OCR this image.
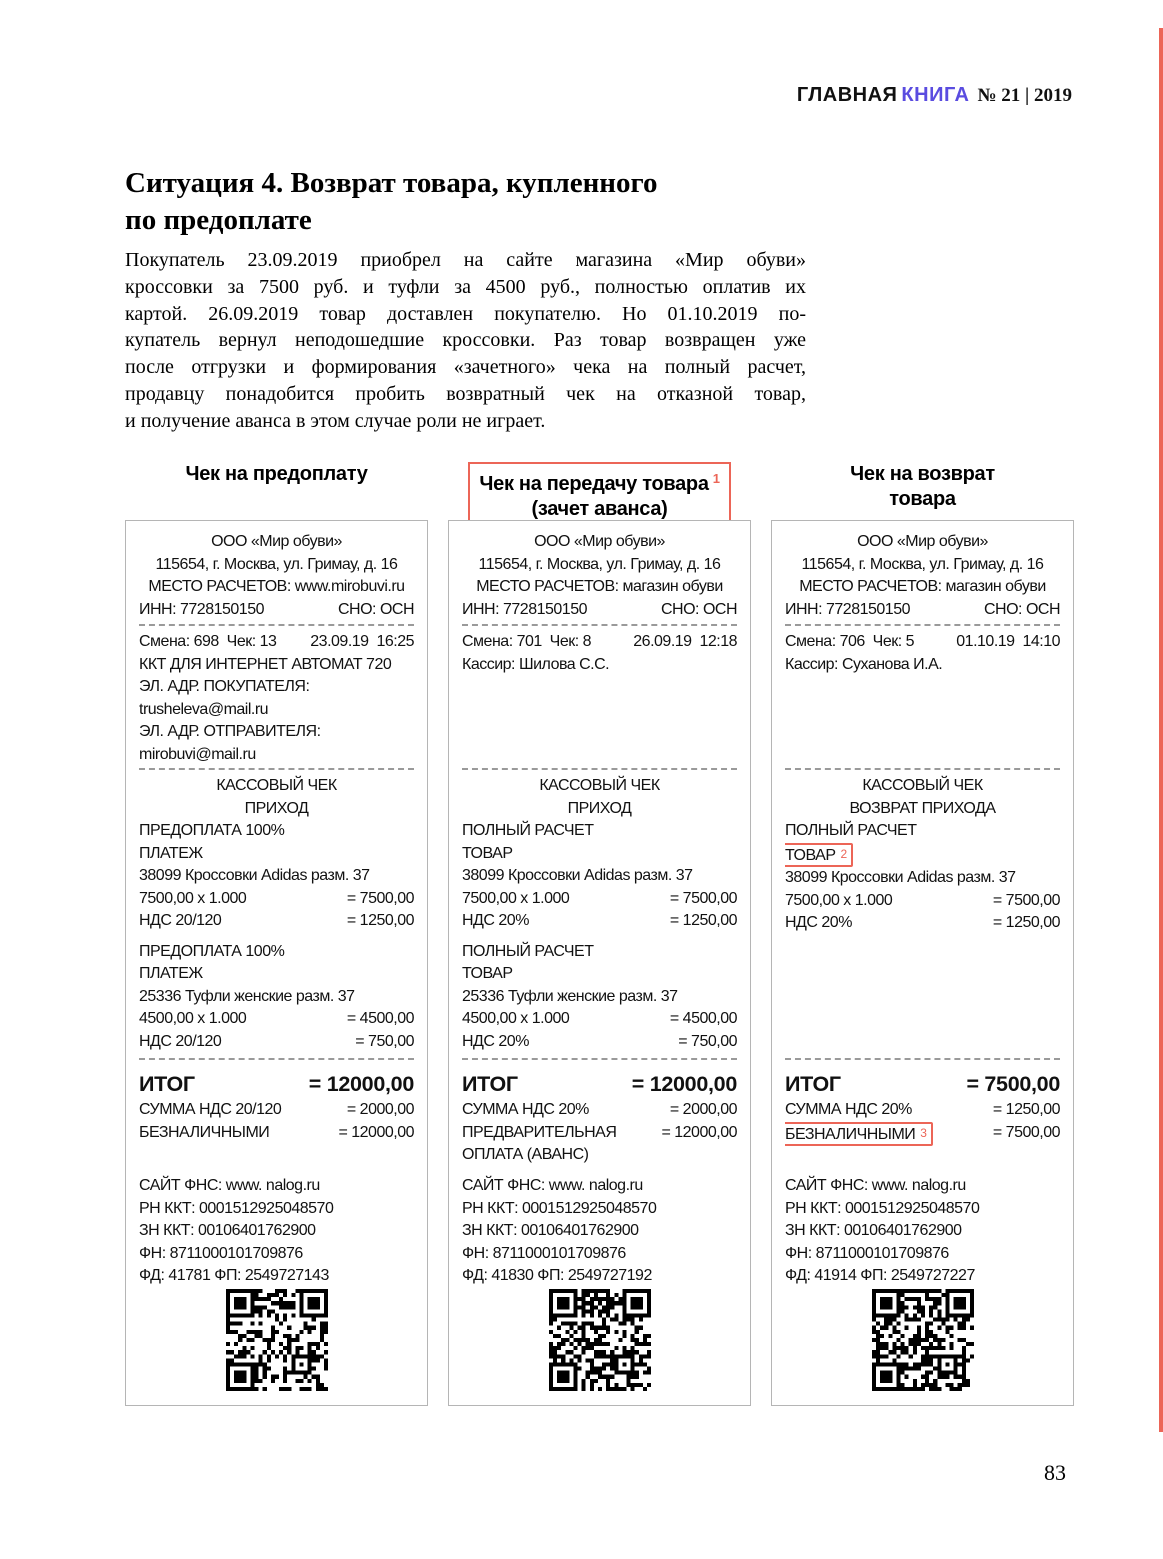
ГЛАВНАЯ КНИГА № 21 | 2019
Ситуация 4. Возврат товара, купленного
по предоплате
Покупатель 23.09.2019 приобрел на сайте магазина «Мир обуви»
кроссовки за 7500 руб. и туфли за 4500 руб., полностью оплатив их
картой. 26.09.2019 товар доставлен покупателю. Но 01.10.2019 по-
купатель вернул неподошедшие кроссовки. Раз товар возвращен уже
после отгрузки и формирования «зачетного» чека на полный расчет,
продавцу понадобится пробить возвратный чек на отказной товар,
и получение аванса в этом случае роли не играет.
Чек на предоплату	Чек на передачу товара $^1$
(зачет аванса)
Чек на возврат
товара
ООО «Мир обуви»
115654, г. Москва, ул. Гримау, д. 16
МЕСТО РАСЧЕТОВ: www.mirobuvi.ru
ИНН: 7728150150	СНО: ОСН
Смена: 698  Чек: 13 23.09.19  16:25
ККТ ДЛЯ ИНТЕРНЕТ АВТОМАТ 720
ЭЛ. АДР. ПОКУПАТЕЛЯ:
trusheleva@mail.ru
ЭЛ. АДР. ОТПРАВИТЕЛЯ:
mirobuvi@mail.ru
КАССОВЫЙ ЧЕК
ПРИХОД
ПРЕДОПЛАТА 100%
ПЛАТЕЖ
38099 Кроссовки Adidas разм. 37
7500,00 x 1.000	= 7500,00
НДС 20/120	= 1250,00
ПРЕДОПЛАТА 100%
ПЛАТЕЖ
25336 Туфли женские разм. 37
4500,00 x 1.000	= 4500,00
НДС 20/120	= 750,00
ИТОГ	= 12000,00
СУММА НДС 20/120	= 2000,00
БЕЗНАЛИЧНЫМИ	= 12000,00
САЙТ ФНС: www. nalog.ru
РН ККТ: 0001512925048570
ЗН ККТ: 00106401762900
ФН: 8711000101709876
ФД: 41781 ФП: 2549727143
ООО «Мир обуви»
115654, г. Москва, ул. Гримау, д. 16
МЕСТО РАСЧЕТОВ: магазин обуви
ИНН: 7728150150	СНО: ОСН
Смена: 701  Чек: 8	26.09.19  12:18
Кассир: Шилова С.С.
КАССОВЫЙ ЧЕК
ПРИХОД
ПОЛНЫЙ РАСЧЕТ
ТОВАР
38099 Кроссовки Adidas разм. 37
7500,00 x 1.000	= 7500,00
НДС 20%	= 1250,00
ПОЛНЫЙ РАСЧЕТ
ТОВАР
25336 Туфли женские разм. 37
4500,00 x 1.000	= 4500,00
НДС 20%	= 750,00
ИТОГ	= 12000,00
СУММА НДС 20%	= 2000,00
ПРЕДВАРИТЕЛЬНАЯ	= 12000,00
ОПЛАТА (АВАНС)
САЙТ ФНС: www. nalog.ru
РН ККТ: 0001512925048570
ЗН ККТ: 00106401762900
ФН: 8711000101709876
ФД: 41830 ФП: 2549727192
ООО «Мир обуви»
115654, г. Москва, ул. Гримау, д. 16
МЕСТО РАСЧЕТОВ: магазин обуви
ИНН: 7728150150	СНО: ОСН
Смена: 706  Чек: 5	01.10.19  14:10
Кассир: Суханова И.А.
КАССОВЫЙ ЧЕК
ВОЗВРАТ ПРИХОДА
ПОЛНЫЙ РАСЧЕТ
ТОВАР 2
38099 Кроссовки Adidas разм. 37
7500,00 x 1.000	= 7500,00
НДС 20%	= 1250,00
ИТОГ	= 7500,00
СУММА НДС 20%	= 1250,00
БЕЗНАЛИЧНЫМИ 3	= 7500,00
САЙТ ФНС: www. nalog.ru
РН ККТ: 0001512925048570
ЗН ККТ: 00106401762900
ФН: 8711000101709876
ФД: 41914 ФП: 2549727227
83
